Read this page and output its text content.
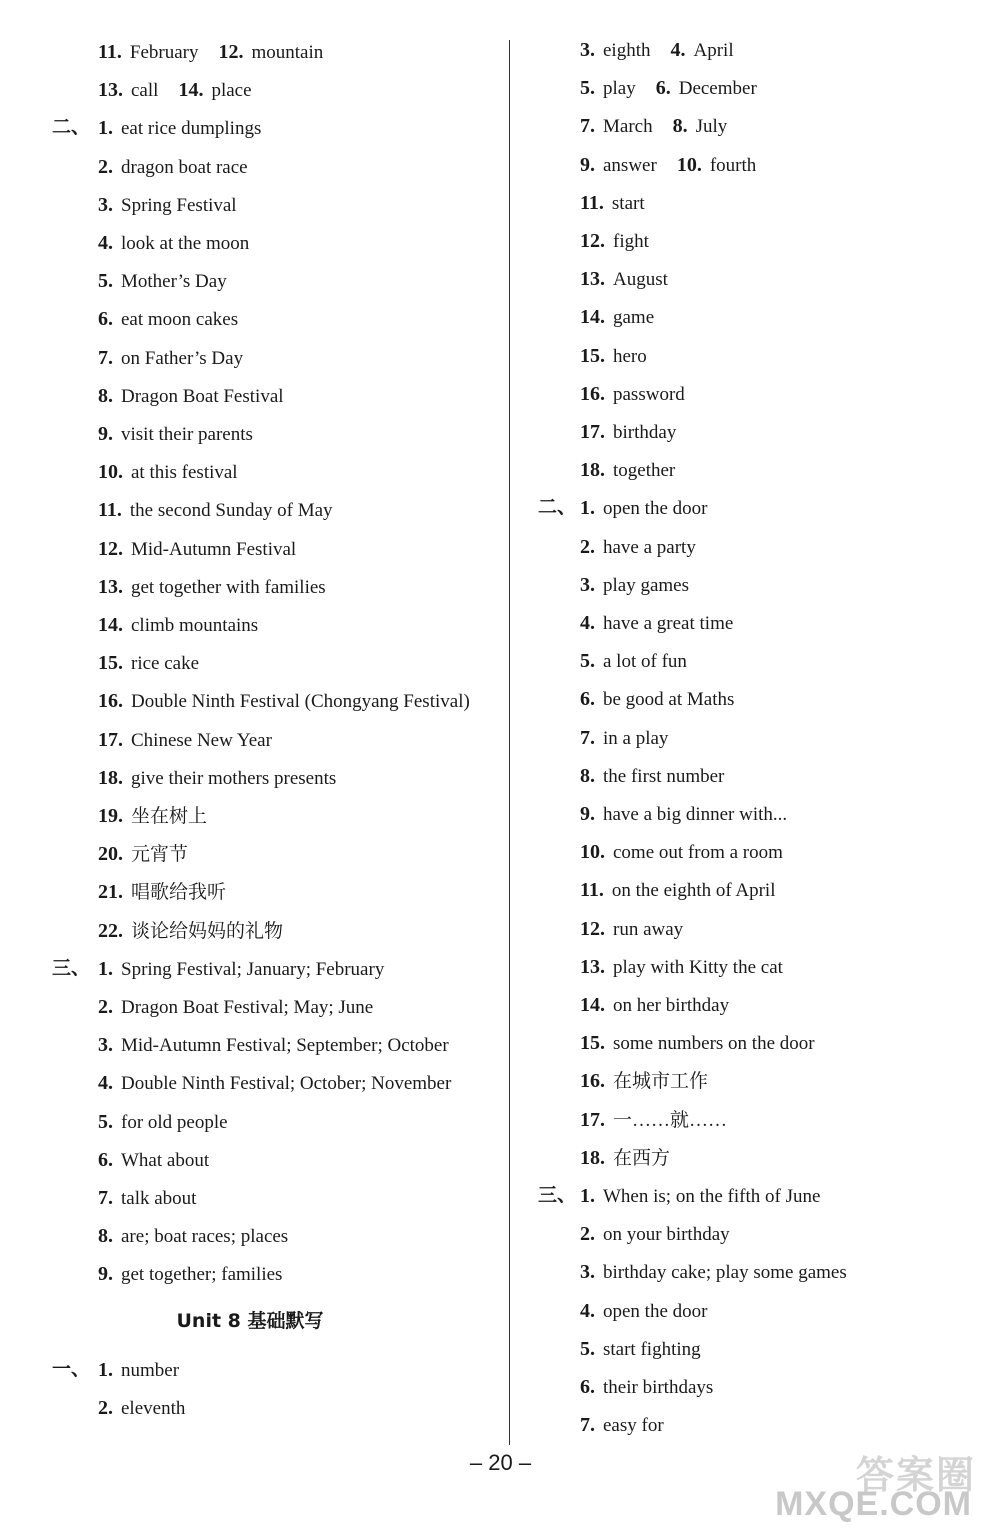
11. February 12. mountain
13. call 14. place
二、 1. eat rice dumplings
2. dragon boat race
3. Spring Festival
4. look at the moon
5. Mother’s Day
6. eat moon cakes
7. on Father’s Day
8. Dragon Boat Festival
9. visit their parents
10. at this festival
11. the second Sunday of May
12. Mid-Autumn Festival
13. get together with families
14. climb mountains
15. rice cake
16. Double Ninth Festival (Chongyang Festival)
17. Chinese New Year
18. give their mothers presents
19. 坐在树上
20. 元宵节
21. 唱歌给我听
22. 谈论给妈妈的礼物
三、 1. Spring Festival; January; February
2. Dragon Boat Festival; May; June
3. Mid-Autumn Festival; September; October
4. Double Ninth Festival; October; November
5. for old people
6. What about
7. talk about
8. are; boat races; places
9. get together; families
一、 1. number
2. eleventh
3. eighth 4. April
5. play 6. December
7. March 8. July
9. answer 10. fourth
11. start
12. fight
13. August
14. game
15. hero
16. password
17. birthday
18. together
二、 1. open the door
2. have a party
3. play games
4. have a great time
5. a lot of fun
6. be good at Maths
7. in a play
8. the first number
9. have a big dinner with...
10. come out from a room
11. on the eighth of April
12. run away
13. play with Kitty the cat
14. on her birthday
15. some numbers on the door
16. 在城市工作
17. 一……就……
18. 在西方
三、 1. When is; on the fifth of June
2. on your birthday
3. birthday cake; play some games
4. open the door
5. start fighting
6. their birthdays
7. easy for
Unit 8 基础默写
– 20 –	答案圈
MXQE.COM
